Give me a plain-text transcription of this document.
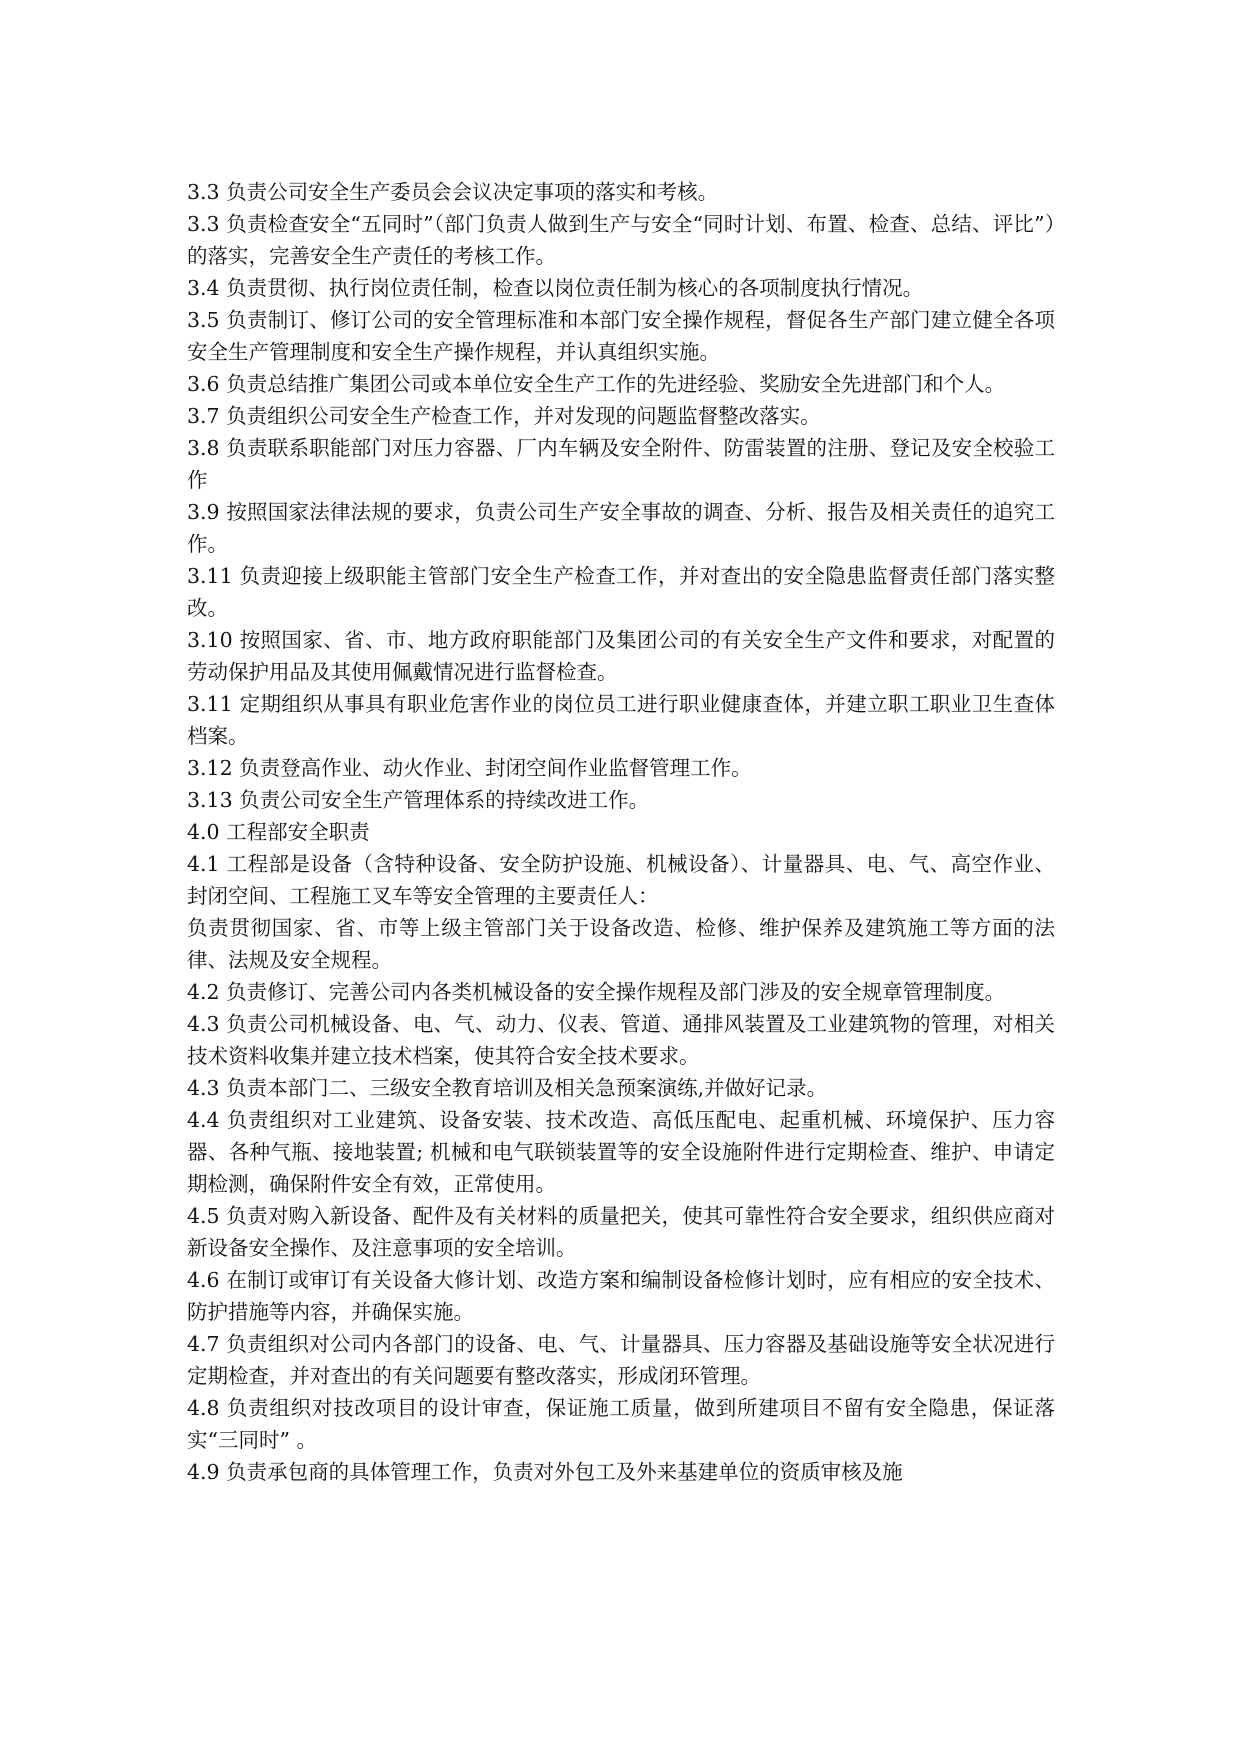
3.3 负责公司安全生产委员会会议决定事项的落实和考核。

3.3 负责检查安全“五同时”（部门负责人做到生产与安全“同时计划、布置、检查、总结、评比”）的落实，完善安全生产责任的考核工作。

3.4 负责贯彻、执行岗位责任制，检查以岗位责任制为核心的各项制度执行情况。

3.5 负责制订、修订公司的安全管理标准和本部门安全操作规程，督促各生产部门建立健全各项安全生产管理制度和安全生产操作规程，并认真组织实施。

3.6 负责总结推广集团公司或本单位安全生产工作的先进经验、奖励安全先进部门和个人。

3.7 负责组织公司安全生产检查工作，并对发现的问题监督整改落实。

3.8 负责联系职能部门对压力容器、厂内车辆及安全附件、防雷装置的注册、登记及安全校验工作

3.9 按照国家法律法规的要求，负责公司生产安全事故的调查、分析、报告及相关责任的追究工作。

3.11 负责迎接上级职能主管部门安全生产检查工作，并对查出的安全隐患监督责任部门落实整改。

3.10 按照国家、省、市、地方政府职能部门及集团公司的有关安全生产文件和要求，对配置的劳动保护用品及其使用佩戴情况进行监督检查。

3.11 定期组织从事具有职业危害作业的岗位员工进行职业健康查体，并建立职工职业卫生查体档案。

3.12 负责登高作业、动火作业、封闭空间作业监督管理工作。

3.13 负责公司安全生产管理体系的持续改进工作。

4.0 工程部安全职责

4.1 工程部是设备（含特种设备、安全防护设施、机械设备）、计量器具、电、气、高空作业、封闭空间、工程施工叉车等安全管理的主要责任人：

负责贯彻国家、省、市等上级主管部门关于设备改造、检修、维护保养及建筑施工等方面的法律、法规及安全规程。

4.2 负责修订、完善公司内各类机械设备的安全操作规程及部门涉及的安全规章管理制度。

4.3 负责公司机械设备、电、气、动力、仪表、管道、通排风装置及工业建筑物的管理，对相关技术资料收集并建立技术档案，使其符合安全技术要求。

4.3 负责本部门二、三级安全教育培训及相关急预案演练,并做好记录。

4.4 负责组织对工业建筑、设备安装、技术改造、高低压配电、起重机械、环境保护、压力容器、各种气瓶、接地装置; 机械和电气联锁装置等的安全设施附件进行定期检查、维护、申请定期检测，确保附件安全有效，正常使用。

4.5 负责对购入新设备、配件及有关材料的质量把关，使其可靠性符合安全要求，组织供应商对新设备安全操作、及注意事项的安全培训。

4.6 在制订或审订有关设备大修计划、改造方案和编制设备检修计划时，应有相应的安全技术、防护措施等内容，并确保实施。

4.7 负责组织对公司内各部门的设备、电、气、计量器具、压力容器及基础设施等安全状况进行定期检查，并对查出的有关问题要有整改落实，形成闭环管理。

4.8 负责组织对技改项目的设计审查，保证施工质量，做到所建项目不留有安全隐患，保证落实“三同时” 。

4.9 负责承包商的具体管理工作，负责对外包工及外来基建单位的资质审核及施
